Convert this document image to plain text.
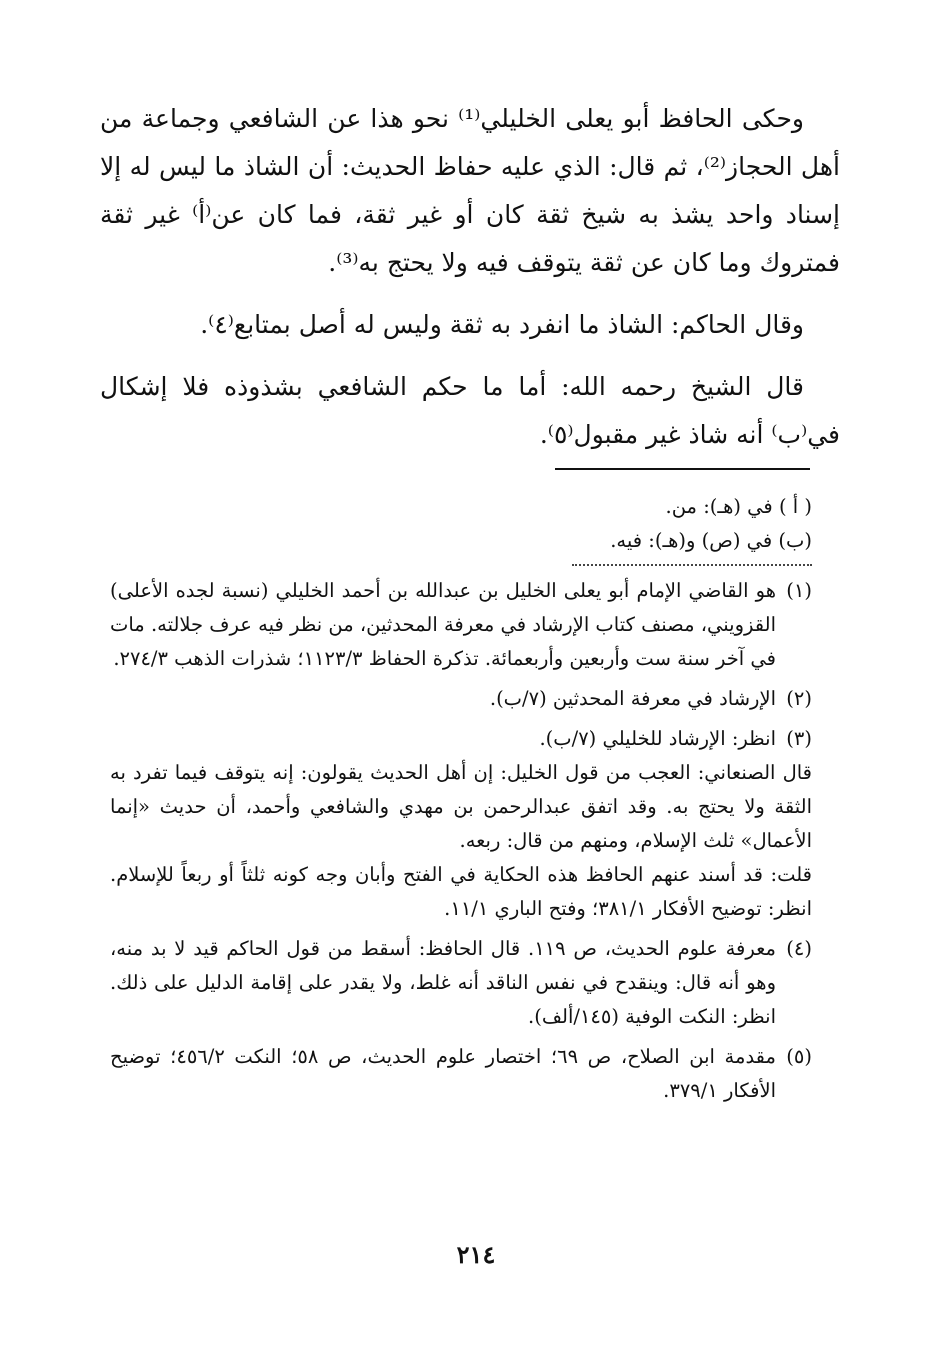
وحكى الحافظ أبو يعلى الخليلي⁽¹⁾ نحو هذا عن الشافعي وجماعة من أهل الحجاز⁽²⁾، ثم قال: الذي عليه حفاظ الحديث: أن الشاذ ما ليس له إلا إسناد واحد يشذ به شيخ ثقة كان أو غير ثقة، فما كان عن⁽أ⁾ غير ثقة فمتروك وما كان عن ثقة يتوقف فيه ولا يحتج به⁽³⁾.

وقال الحاكم: الشاذ ما انفرد به ثقة وليس له أصل بمتابع⁽٤⁾.

قال الشيخ رحمه الله: أما ما حكم الشافعي بشذوذه فلا إشكال في⁽ب⁾ أنه شاذ غير مقبول⁽٥⁾.

( أ ) في (هـ): من.

(ب) في (ص) و(هـ): فيه.

(١)
هو القاضي الإمام أبو يعلى الخليل بن عبدالله بن أحمد الخليلي (نسبة لجده الأعلى) القزويني، مصنف كتاب الإرشاد في معرفة المحدثين، من نظر فيه عرف جلالته. مات في آخر سنة ست وأربعين وأربعمائة. تذكرة الحفاظ ١١٢٣/٣؛ شذرات الذهب ٢٧٤/٣.
(٢)
الإرشاد في معرفة المحدثين (٧/ب).
(٣)
انظر: الإرشاد للخليلي (٧/ب).

قال الصنعاني: العجب من قول الخليل: إن أهل الحديث يقولون: إنه يتوقف فيما تفرد به الثقة ولا يحتج به. وقد اتفق عبدالرحمن بن مهدي والشافعي وأحمد، أن حديث «إنما الأعمال» ثلث الإسلام، ومنهم من قال: ربعه.

قلت: قد أسند عنهم الحافظ هذه الحكاية في الفتح وأبان وجه كونه ثلثاً أو ربعاً للإسلام. انظر: توضيح الأفكار ٣٨١/١؛ وفتح الباري ١١/١.

(٤)
معرفة علوم الحديث، ص ١١٩. قال الحافظ: أسقط من قول الحاكم قيد لا بد منه، وهو أنه قال: وينقدح في نفس الناقد أنه غلط، ولا يقدر على إقامة الدليل على ذلك. انظر: النكت الوفية (١٤٥/ألف).
(٥)
مقدمة ابن الصلاح، ص ٦٩؛ اختصار علوم الحديث، ص ٥٨؛ النكت ٤٥٦/٢؛ توضيح الأفكار ٣٧٩/١.
٢١٤
